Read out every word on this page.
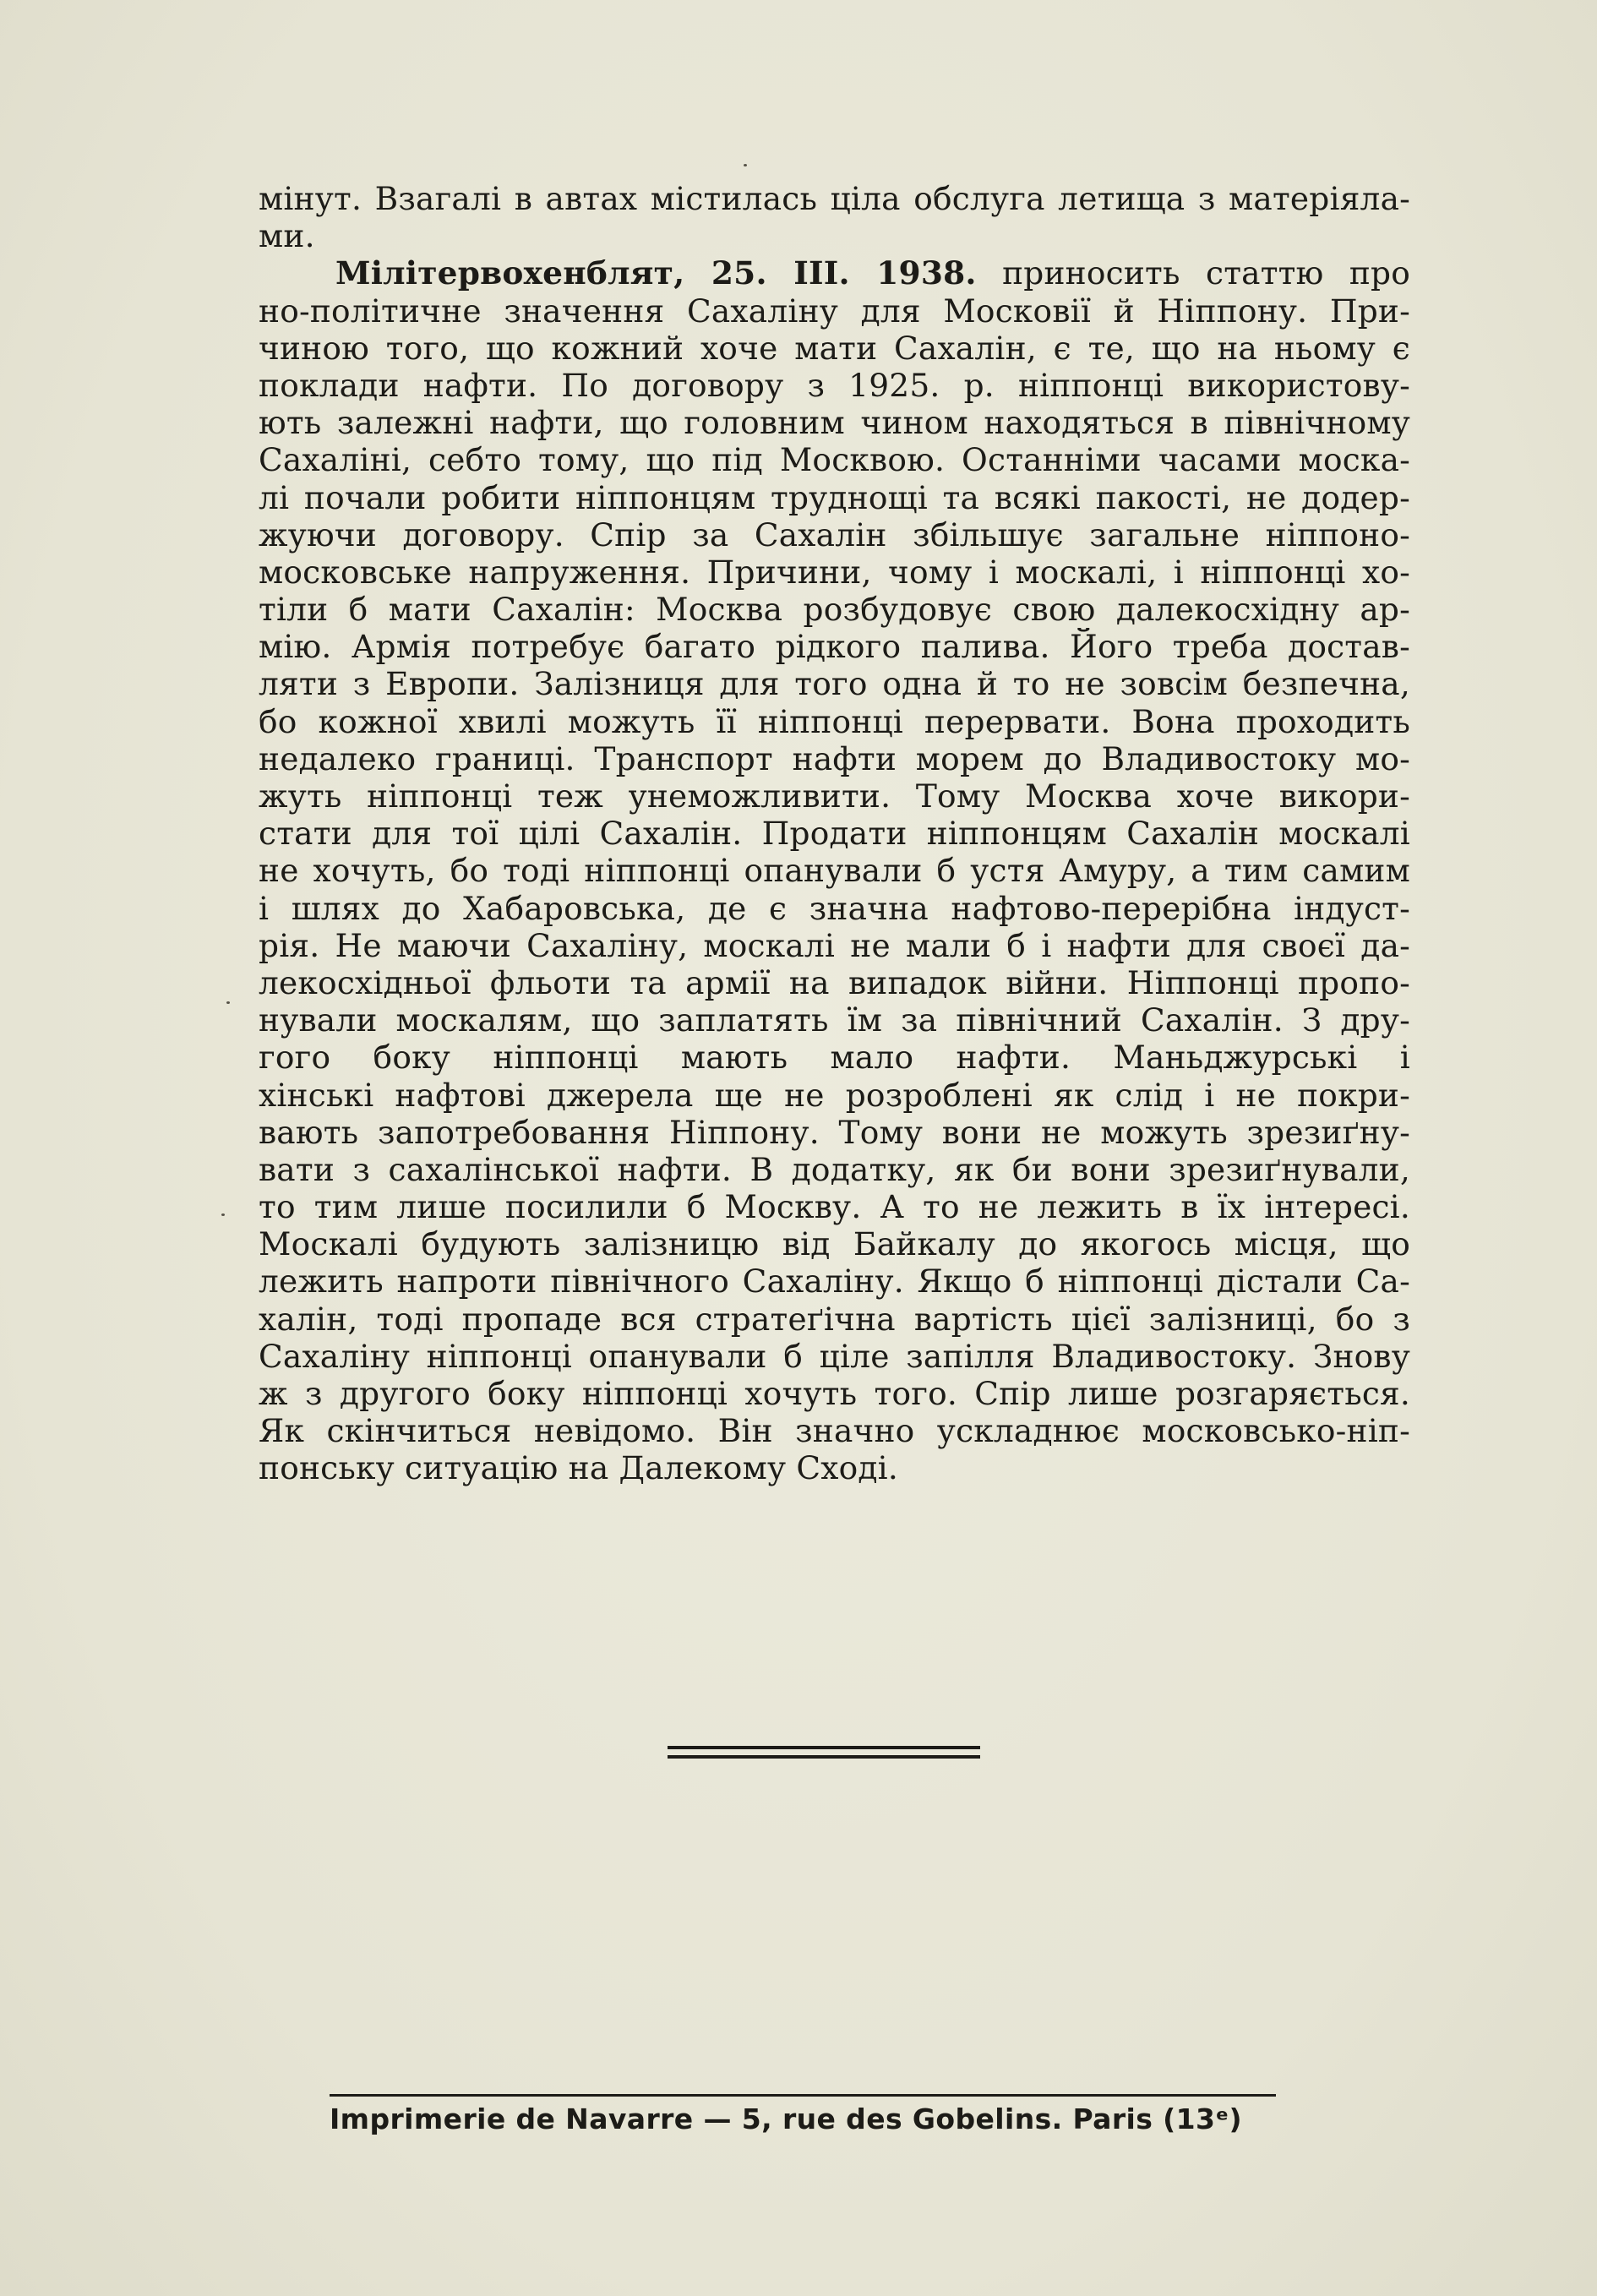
мінут. Взагалі в автах містилась ціла обслуга летища з матеріяла-
ми.
Мілітервохенблят, 25. III. 1938. приносить статтю про
но-політичне значення Сахаліну для Московії й Ніппону. При-
чиною того, що кожний хоче мати Сахалін, є те, що на ньому є
поклади нафти. По договору з 1925. р. ніппонці використову-
ють залежні нафти, що головним чином находяться в північному
Сахаліні, себто тому, що під Москвою. Останніми часами моска-
лі почали робити ніппонцям труднощі та всякі пакості, не додер-
жуючи договору. Спір за Сахалін збільшує загальне ніппоно-
московське напруження. Причини, чому і москалі, і ніппонці хо-
тіли б мати Сахалін: Москва розбудовує свою далекосхідну ар-
мію. Армія потребує багато рідкого палива. Його треба достав-
ляти з Европи. Залізниця для того одна й то не зовсім безпечна,
бо кожної хвилі можуть її ніппонці перервати. Вона проходить
недалеко границі. Транспорт нафти морем до Владивостоку мо-
жуть ніппонці теж унеможливити. Тому Москва хоче викори-
стати для тої цілі Сахалін. Продати ніппонцям Сахалін москалі
не хочуть, бо тоді ніппонці опанували б устя Амуру, а тим самим
і шлях до Хабаровська, де є значна нафтово-перерібна індуст-
рія. Не маючи Сахаліну, москалі не мали б і нафти для своєї да-
лекосхідньої фльоти та армії на випадок війни. Ніппонці пропо-
нували москалям, що заплатять їм за північний Сахалін. З дру-
гого боку ніппонці мають мало нафти. Маньджурські і
хінські нафтові джерела ще не розроблені як слід і не покри-
вають запотребовання Ніппону. Тому вони не можуть зрезиґну-
вати з сахалінської нафти. В додатку, як би вони зрезиґнували,
то тим лише посилили б Москву. А то не лежить в їх інтересі.
Москалі будують залізницю від Байкалу до якогось місця, що
лежить напроти північного Сахаліну. Якщо б ніппонці дістали Са-
халін, тоді пропаде вся стратеґічна вартість цієї залізниці, бо з
Сахаліну ніппонці опанували б ціле запілля Владивостоку. Знову
ж з другого боку ніппонці хочуть того. Спір лише розгаряється.
Як скінчиться невідомо. Він значно ускладнює московсько-ніп-
понську ситуацію на Далекому Сході.
Imprimerie de Navarre — 5, rue des Gobelins. Paris (13ᵉ)
